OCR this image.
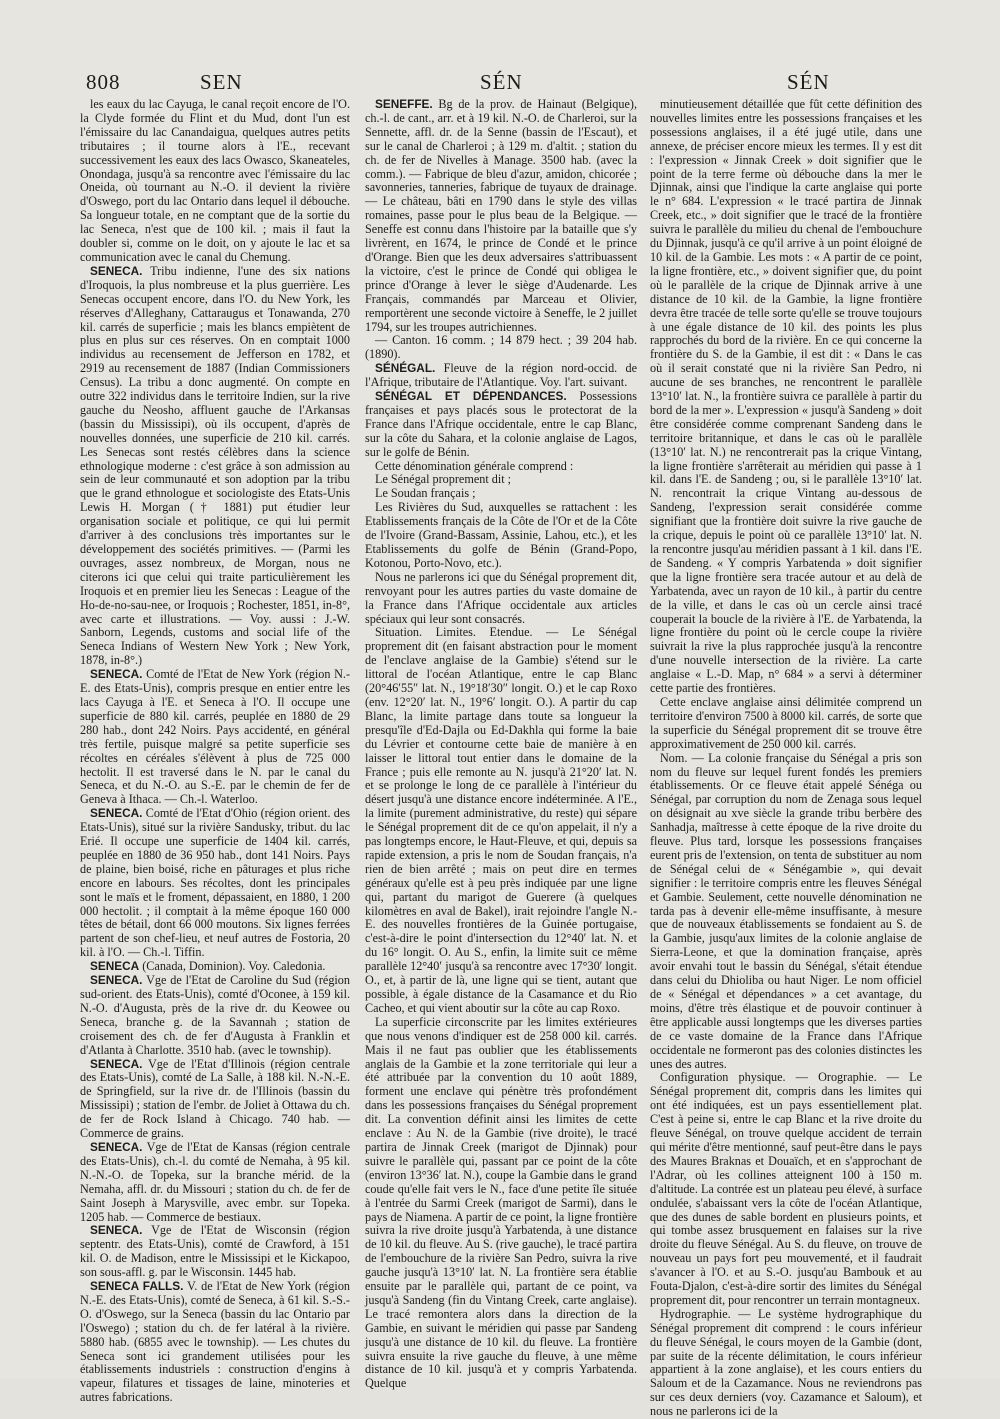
808	SEN	SÉN	SÉN

les eaux du lac Cayuga, le canal reçoit encore de l'O. la Clyde formée du Flint et du Mud, dont l'un est l'émissaire du lac Canandaigua, quelques autres petits tributaires ; il tourne alors à l'E., recevant successivement les eaux des lacs Owasco, Skaneateles, Onondaga, jusqu'à sa rencontre avec l'émissaire du lac Oneida, où tournant au N.-O. il devient la rivière d'Oswego, port du lac Ontario dans lequel il débouche. Sa longueur totale, en ne comptant que de la sortie du lac Seneca, n'est que de 100 kil. ; mais il faut la doubler si, comme on le doit, on y ajoute le lac et sa communication avec le canal du Chemung.

SENECA. Tribu indienne, l'une des six nations d'Iroquois, la plus nombreuse et la plus guerrière. Les Senecas occupent encore, dans l'O. du New York, les réserves d'Alleghany, Cattaraugus et Tonawanda, 270 kil. carrés de superficie ; mais les blancs empiètent de plus en plus sur ces réserves. On en comptait 1000 individus au recensement de Jefferson en 1782, et 2919 au recensement de 1887 (Indian Commissioners Census). La tribu a donc augmenté. On compte en outre 322 individus dans le territoire Indien, sur la rive gauche du Neosho, affluent gauche de l'Arkansas (bassin du Mississipi), où ils occupent, d'après de nouvelles données, une superficie de 210 kil. carrés. Les Senecas sont restés célèbres dans la science ethnologique moderne : c'est grâce à son admission au sein de leur communauté et son adoption par la tribu que le grand ethnologue et sociologiste des Etats-Unis Lewis H. Morgan († 1881) put étudier leur organisation sociale et politique, ce qui lui permit d'arriver à des conclusions très importantes sur le développement des sociétés primitives. — (Parmi les ouvrages, assez nombreux, de Morgan, nous ne citerons ici que celui qui traite particulièrement les Iroquois et en premier lieu les Senecas : League of the Ho-de-no-sau-nee, or Iroquois ; Rochester, 1851, in-8°, avec carte et illustrations. — Voy. aussi : J.-W. Sanborn, Legends, customs and social life of the Seneca Indians of Western New York ; New York, 1878, in-8°.)

SENECA. Comté de l'Etat de New York (région N.-E. des Etats-Unis), compris presque en entier entre les lacs Cayuga à l'E. et Seneca à l'O. Il occupe une superficie de 880 kil. carrés, peuplée en 1880 de 29 280 hab., dont 242 Noirs. Pays accidenté, en général très fertile, puisque malgré sa petite superficie ses récoltes en céréales s'élèvent à plus de 725 000 hectolit. Il est traversé dans le N. par le canal du Seneca, et du N.-O. au S.-E. par le chemin de fer de Geneva à Ithaca. — Ch.-l. Waterloo.

SENECA. Comté de l'Etat d'Ohio (région orient. des Etats-Unis), situé sur la rivière Sandusky, tribut. du lac Erié. Il occupe une superficie de 1404 kil. carrés, peuplée en 1880 de 36 950 hab., dont 141 Noirs. Pays de plaine, bien boisé, riche en pâturages et plus riche encore en labours. Ses récoltes, dont les principales sont le maïs et le froment, dépassaient, en 1880, 1 200 000 hectolit. ; il comptait à la même époque 160 000 têtes de bétail, dont 66 000 moutons. Six lignes ferrées partent de son chef-lieu, et neuf autres de Fostoria, 20 kil. à l'O. — Ch.-l. Tiffin.

SENECA (Canada, Dominion). Voy. Caledonia.

SENECA. Vge de l'Etat de Caroline du Sud (région sud-orient. des Etats-Unis), comté d'Oconee, à 159 kil. N.-O. d'Augusta, près de la rive dr. du Keowee ou Seneca, branche g. de la Savannah ; station de croisement des ch. de fer d'Augusta à Franklin et d'Atlanta à Charlotte. 3510 hab. (avec le township).

SENECA. Vge de l'Etat d'Illinois (région centrale des Etats-Unis), comté de La Salle, à 188 kil. N.-N.-E. de Springfield, sur la rive dr. de l'Illinois (bassin du Mississipi) ; station de l'embr. de Joliet à Ottawa du ch. de fer de Rock Island à Chicago. 740 hab. — Commerce de grains.

SENECA. Vge de l'Etat de Kansas (région centrale des Etats-Unis), ch.-l. du comté de Nemaha, à 95 kil. N.-N.-O. de Topeka, sur la branche mérid. de la Nemaha, affl. dr. du Missouri ; station du ch. de fer de Saint Joseph à Marysville, avec embr. sur Topeka. 1205 hab. — Commerce de bestiaux.

SENECA. Vge de l'Etat de Wisconsin (région septentr. des Etats-Unis), comté de Crawford, à 151 kil. O. de Madison, entre le Mississipi et le Kickapoo, son sous-affl. g. par le Wisconsin. 1445 hab.

SENECA FALLS. V. de l'Etat de New York (région N.-E. des Etats-Unis), comté de Seneca, à 61 kil. S.-S.-O. d'Oswego, sur la Seneca (bassin du lac Ontario par l'Oswego) ; station du ch. de fer latéral à la rivière. 5880 hab. (6855 avec le township). — Les chutes du Seneca sont ici grandement utilisées pour les établissements industriels : construction d'engins à vapeur, filatures et tissages de laine, minoteries et autres fabrications.

SENEFFE. Bg de la prov. de Hainaut (Belgique), ch.-l. de cant., arr. et à 19 kil. N.-O. de Charleroi, sur la Sennette, affl. dr. de la Senne (bassin de l'Escaut), et sur le canal de Charleroi ; à 129 m. d'altit. ; station du ch. de fer de Nivelles à Manage. 3500 hab. (avec la comm.). — Fabrique de bleu d'azur, amidon, chicorée ; savonneries, tanneries, fabrique de tuyaux de drainage. — Le château, bâti en 1790 dans le style des villas romaines, passe pour le plus beau de la Belgique. — Seneffe est connu dans l'histoire par la bataille que s'y livrèrent, en 1674, le prince de Condé et le prince d'Orange. Bien que les deux adversaires s'attribuassent la victoire, c'est le prince de Condé qui obligea le prince d'Orange à lever le siège d'Audenarde. Les Français, commandés par Marceau et Olivier, remportèrent une seconde victoire à Seneffe, le 2 juillet 1794, sur les troupes autrichiennes.

— Canton. 16 comm. ; 14 879 hect. ; 39 204 hab. (1890).

SÉNÉGAL. Fleuve de la région nord-occid. de l'Afrique, tributaire de l'Atlantique. Voy. l'art. suivant.

SÉNÉGAL ET DÉPENDANCES. Possessions françaises et pays placés sous le protectorat de la France dans l'Afrique occidentale, entre le cap Blanc, sur la côte du Sahara, et la colonie anglaise de Lagos, sur le golfe de Bénin.

Cette dénomination générale comprend :

Le Sénégal proprement dit ;

Le Soudan français ;

Les Rivières du Sud, auxquelles se rattachent : les Etablissements français de la Côte de l'Or et de la Côte de l'Ivoire (Grand-Bassam, Assinie, Lahou, etc.), et les Etablissements du golfe de Bénin (Grand-Popo, Kotonou, Porto-Novo, etc.).

Nous ne parlerons ici que du Sénégal proprement dit, renvoyant pour les autres parties du vaste domaine de la France dans l'Afrique occidentale aux articles spéciaux qui leur sont consacrés.

Situation. Limites. Etendue. — Le Sénégal proprement dit (en faisant abstraction pour le moment de l'enclave anglaise de la Gambie) s'étend sur le littoral de l'océan Atlantique, entre le cap Blanc (20°46′55″ lat. N., 19°18′30″ longit. O.) et le cap Roxo (env. 12°20′ lat. N., 19°6′ longit. O.). A partir du cap Blanc, la limite partage dans toute sa longueur la presqu'île d'Ed-Dajla ou Ed-Dakhla qui forme la baie du Lévrier et contourne cette baie de manière à en laisser le littoral tout entier dans le domaine de la France ; puis elle remonte au N. jusqu'à 21°20′ lat. N. et se prolonge le long de ce parallèle à l'intérieur du désert jusqu'à une distance encore indéterminée. A l'E., la limite (purement administrative, du reste) qui sépare le Sénégal proprement dit de ce qu'on appelait, il n'y a pas longtemps encore, le Haut-Fleuve, et qui, depuis sa rapide extension, a pris le nom de Soudan français, n'a rien de bien arrêté ; mais on peut dire en termes généraux qu'elle est à peu près indiquée par une ligne qui, partant du marigot de Guerere (à quelques kilomètres en aval de Bakel), irait rejoindre l'angle N.-E. des nouvelles frontières de la Guinée portugaise, c'est-à-dire le point d'intersection du 12°40′ lat. N. et du 16° longit. O. Au S., enfin, la limite suit ce même parallèle 12°40′ jusqu'à sa rencontre avec 17°30′ longit. O., et, à partir de là, une ligne qui se tient, autant que possible, à égale distance de la Casamance et du Rio Cacheo, et qui vient aboutir sur la côte au cap Roxo.

La superficie circonscrite par les limites extérieures que nous venons d'indiquer est de 258 000 kil. carrés. Mais il ne faut pas oublier que les établissements anglais de la Gambie et la zone territoriale qui leur a été attribuée par la convention du 10 août 1889, forment une enclave qui pénètre très profondément dans les possessions françaises du Sénégal proprement dit. La convention définit ainsi les limites de cette enclave : Au N. de la Gambie (rive droite), le tracé partira de Jinnak Creek (marigot de Djinnak) pour suivre le parallèle qui, passant par ce point de la côte (environ 13°36′ lat. N.), coupe la Gambie dans le grand coude qu'elle fait vers le N., face d'une petite île située à l'entrée du Sarmi Creek (marigot de Sarmi), dans le pays de Niamena. A partir de ce point, la ligne frontière suivra la rive droite jusqu'à Yarbatenda, à une distance de 10 kil. du fleuve. Au S. (rive gauche), le tracé partira de l'embouchure de la rivière San Pedro, suivra la rive gauche jusqu'à 13°10′ lat. N. La frontière sera établie ensuite par le parallèle qui, partant de ce point, va jusqu'à Sandeng (fin du Vintang Creek, carte anglaise). Le tracé remontera alors dans la direction de la Gambie, en suivant le méridien qui passe par Sandeng jusqu'à une distance de 10 kil. du fleuve. La frontière suivra ensuite la rive gauche du fleuve, à une même distance de 10 kil. jusqu'à et y compris Yarbatenda. Quelque

minutieusement détaillée que fût cette définition des nouvelles limites entre les possessions françaises et les possessions anglaises, il a été jugé utile, dans une annexe, de préciser encore mieux les termes. Il y est dit : l'expression « Jinnak Creek » doit signifier que le point de la terre ferme où débouche dans la mer le Djinnak, ainsi que l'indique la carte anglaise qui porte le n° 684. L'expression « le tracé partira de Jinnak Creek, etc., » doit signifier que le tracé de la frontière suivra le parallèle du milieu du chenal de l'embouchure du Djinnak, jusqu'à ce qu'il arrive à un point éloigné de 10 kil. de la Gambie. Les mots : « A partir de ce point, la ligne frontière, etc., » doivent signifier que, du point où le parallèle de la crique de Djinnak arrive à une distance de 10 kil. de la Gambie, la ligne frontière devra être tracée de telle sorte qu'elle se trouve toujours à une égale distance de 10 kil. des points les plus rapprochés du bord de la rivière. En ce qui concerne la frontière du S. de la Gambie, il est dit : « Dans le cas où il serait constaté que ni la rivière San Pedro, ni aucune de ses branches, ne rencontrent le parallèle 13°10′ lat. N., la frontière suivra ce parallèle à partir du bord de la mer ». L'expression « jusqu'à Sandeng » doit être considérée comme comprenant Sandeng dans le territoire britannique, et dans le cas où le parallèle (13°10′ lat. N.) ne rencontrerait pas la crique Vintang, la ligne frontière s'arrêterait au méridien qui passe à 1 kil. dans l'E. de Sandeng ; ou, si le parallèle 13°10′ lat. N. rencontrait la crique Vintang au-dessous de Sandeng, l'expression serait considérée comme signifiant que la frontière doit suivre la rive gauche de la crique, depuis le point où ce parallèle 13°10′ lat. N. la rencontre jusqu'au méridien passant à 1 kil. dans l'E. de Sandeng. « Y compris Yarbatenda » doit signifier que la ligne frontière sera tracée autour et au delà de Yarbatenda, avec un rayon de 10 kil., à partir du centre de la ville, et dans le cas où un cercle ainsi tracé couperait la boucle de la rivière à l'E. de Yarbatenda, la ligne frontière du point où le cercle coupe la rivière suivrait la rive la plus rapprochée jusqu'à la rencontre d'une nouvelle intersection de la rivière. La carte anglaise « L.-D. Map, n° 684 » a servi à déterminer cette partie des frontières.

Cette enclave anglaise ainsi délimitée comprend un territoire d'environ 7500 à 8000 kil. carrés, de sorte que la superficie du Sénégal proprement dit se trouve être approximativement de 250 000 kil. carrés.

Nom. — La colonie française du Sénégal a pris son nom du fleuve sur lequel furent fondés les premiers établissements. Or ce fleuve était appelé Sénéga ou Sénégal, par corruption du nom de Zenaga sous lequel on désignait au xve siècle la grande tribu berbère des Sanhadja, maîtresse à cette époque de la rive droite du fleuve. Plus tard, lorsque les possessions françaises eurent pris de l'extension, on tenta de substituer au nom de Sénégal celui de « Sénégambie », qui devait signifier : le territoire compris entre les fleuves Sénégal et Gambie. Seulement, cette nouvelle dénomination ne tarda pas à devenir elle-même insuffisante, à mesure que de nouveaux établissements se fondaient au S. de la Gambie, jusqu'aux limites de la colonie anglaise de Sierra-Leone, et que la domination française, après avoir envahi tout le bassin du Sénégal, s'était étendue dans celui du Dhioliba ou haut Niger. Le nom officiel de « Sénégal et dépendances » a cet avantage, du moins, d'être très élastique et de pouvoir continuer à être applicable aussi longtemps que les diverses parties de ce vaste domaine de la France dans l'Afrique occidentale ne formeront pas des colonies distinctes les unes des autres.

Configuration physique. — Orographie. — Le Sénégal proprement dit, compris dans les limites qui ont été indiquées, est un pays essentiellement plat. C'est à peine si, entre le cap Blanc et la rive droite du fleuve Sénégal, on trouve quelque accident de terrain qui mérite d'être mentionné, sauf peut-être dans le pays des Maures Braknas et Douaïch, et en s'approchant de l'Adrar, où les collines atteignent 100 à 150 m. d'altitude. La contrée est un plateau peu élevé, à surface ondulée, s'abaissant vers la côte de l'océan Atlantique, que des dunes de sable bordent en plusieurs points, et qui tombe assez brusquement en falaises sur la rive droite du fleuve Sénégal. Au S. du fleuve, on trouve de nouveau un pays fort peu mouvementé, et il faudrait s'avancer à l'O. et au S.-O. jusqu'au Bambouk et au Fouta-Djalon, c'est-à-dire sortir des limites du Sénégal proprement dit, pour rencontrer un terrain montagneux.

Hydrographie. — Le système hydrographique du Sénégal proprement dit comprend : le cours inférieur du fleuve Sénégal, le cours moyen de la Gambie (dont, par suite de la récente délimitation, le cours inférieur appartient à la zone anglaise), et les cours entiers du Saloum et de la Cazamance. Nous ne reviendrons pas sur ces deux derniers (voy. Cazamance et Saloum), et nous ne parlerons ici de la
